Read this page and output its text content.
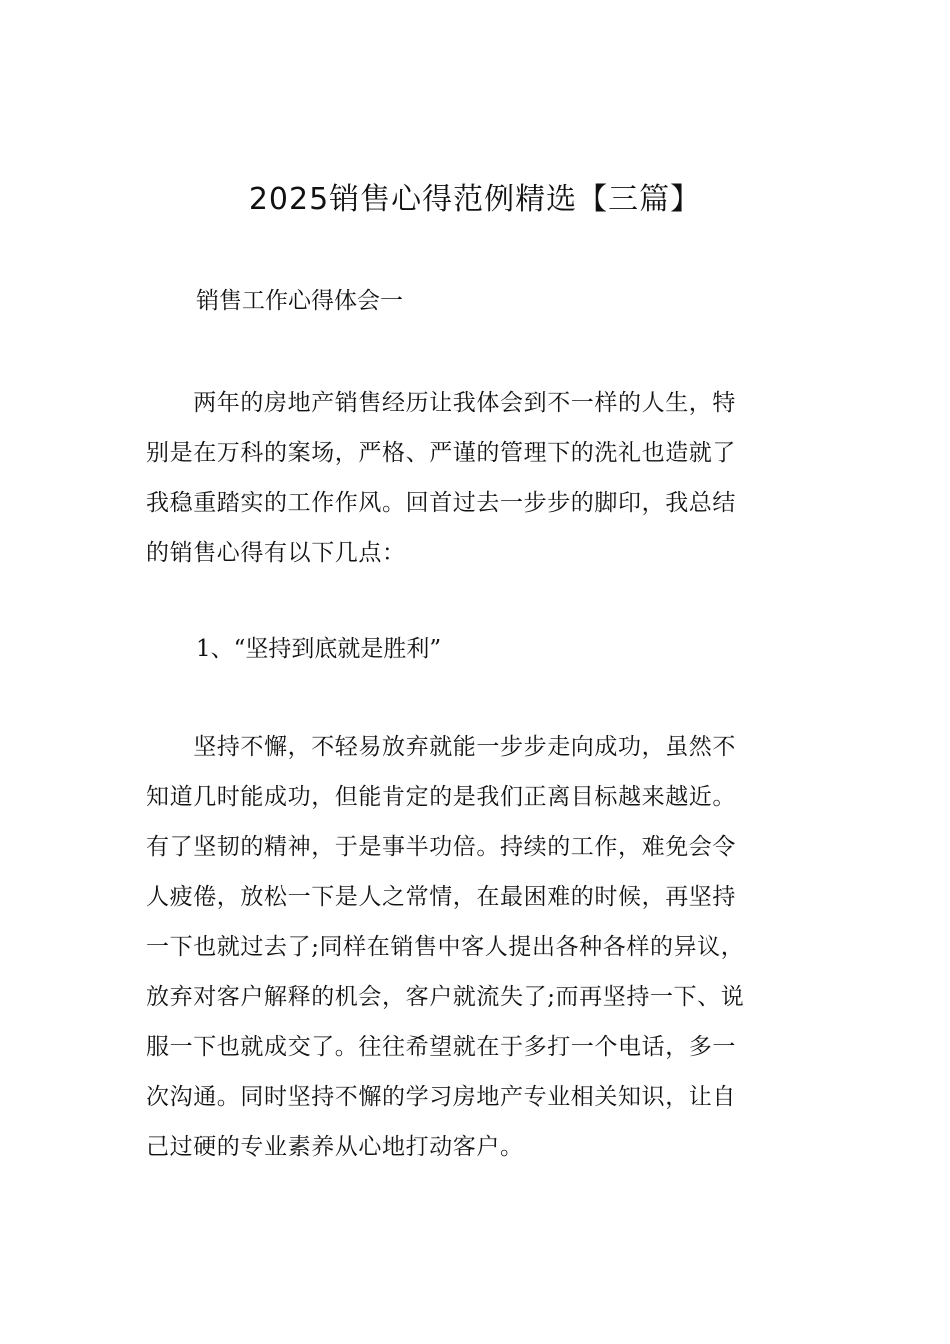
2025销售心得范例精选【三篇】
销售工作心得体会一
　　两年的房地产销售经历让我体会到不一样的人生，特
别是在万科的案场，严格、严谨的管理下的洗礼也造就了
我稳重踏实的工作作风。回首过去一步步的脚印，我总结
的销售心得有以下几点：
1、“坚持到底就是胜利”
　　坚持不懈，不轻易放弃就能一步步走向成功，虽然不
知道几时能成功，但能肯定的是我们正离目标越来越近。
有了坚韧的精神，于是事半功倍。持续的工作，难免会令
人疲倦，放松一下是人之常情，在最困难的时候，再坚持
一下也就过去了;同样在销售中客人提出各种各样的异议，
放弃对客户解释的机会，客户就流失了;而再坚持一下、说
服一下也就成交了。往往希望就在于多打一个电话，多一
次沟通。同时坚持不懈的学习房地产专业相关知识，让自
己过硬的专业素养从心地打动客户。
